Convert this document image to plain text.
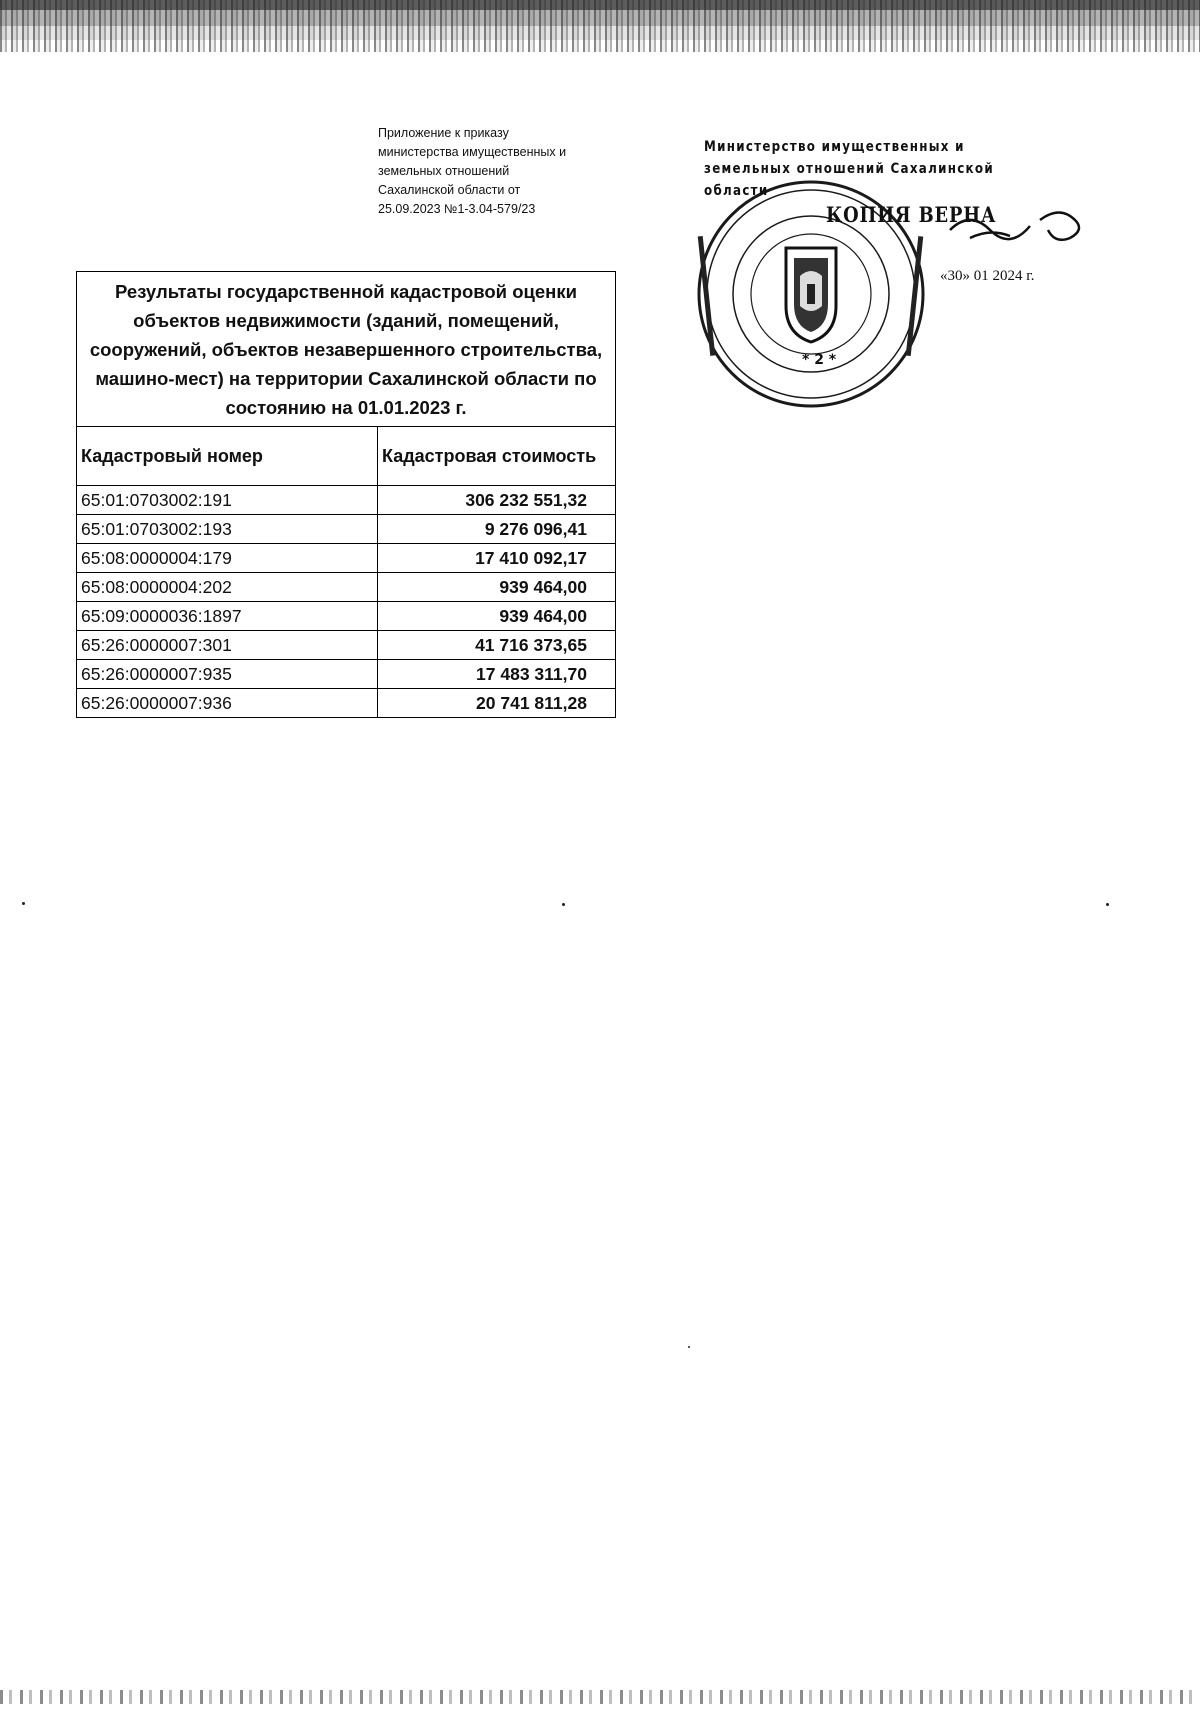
Приложение к приказу
министерства имущественных и
земельных отношений
Сахалинской области от
25.09.2023 №1-3.04-579/23
* 2 *
Министерство имущественных и
земельных отношений Сахалинской
области
КОПИЯ ВЕРНА
«30» 01 2024 г.
Результаты государственной кадастровой оценки
объектов недвижимости (зданий, помещений,
сооружений, объектов незавершенного строительства,
машино-мест) на территории Сахалинской области по
состоянию на 01.01.2023 г.	

Кадастровый номер	Кадастровая стоимость
65:01:0703002:191	306 232 551,32
65:01:0703002:193	9 276 096,41
65:08:0000004:179	17 410 092,17
65:08:0000004:202	939 464,00
65:09:0000036:1897	939 464,00
65:26:0000007:301	41 716 373,65
65:26:0000007:935	17 483 311,70
65:26:0000007:936	20 741 811,28
